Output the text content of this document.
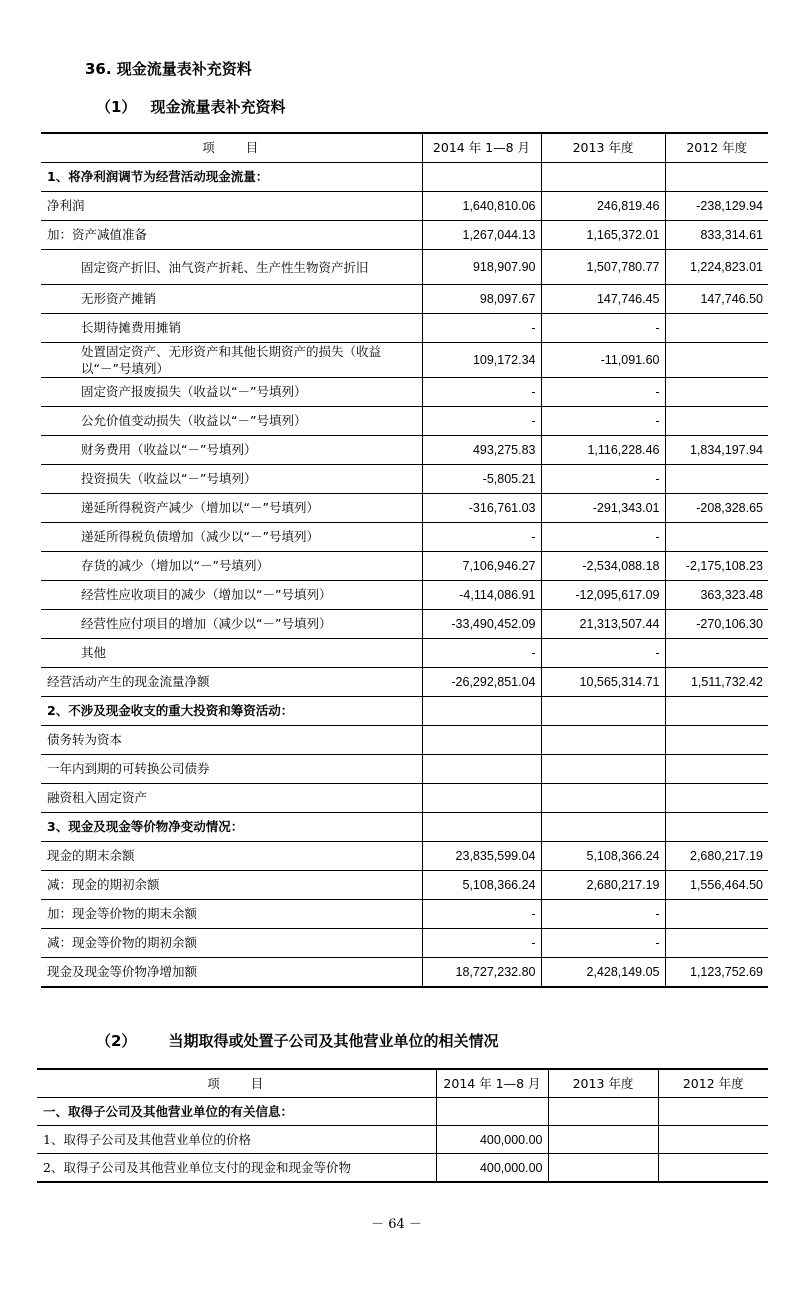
36. 现金流量表补充资料
（1） 现金流量表补充资料
项　　目	2014 年 1—8 月	2013 年度	2012 年度
1、将净利润调节为经营活动现金流量：			
净利润	1,640,810.06	246,819.46	-238,129.94
加：资产减值准备	1,267,044.13	1,165,372.01	833,314.61
固定资产折旧、油气资产折耗、生产性生物资产折旧	918,907.90	1,507,780.77	1,224,823.01
无形资产摊销	98,097.67	147,746.45	147,746.50
长期待摊费用摊销	-	-	
处置固定资产、无形资产和其他长期资产的损失（收益以“－”号填列）	109,172.34	-11,091.60	
固定资产报废损失（收益以“－”号填列）	-	-	
公允价值变动损失（收益以“－”号填列）	-	-	
财务费用（收益以“－”号填列）	493,275.83	1,116,228.46	1,834,197.94
投资损失（收益以“－”号填列）	-5,805.21	-	
递延所得税资产减少（增加以“－”号填列）	-316,761.03	-291,343.01	-208,328.65
递延所得税负债增加（减少以“－”号填列）	-	-	
存货的减少（增加以“－”号填列）	7,106,946.27	-2,534,088.18	-2,175,108.23
经营性应收项目的减少（增加以“－”号填列）	-4,114,086.91	-12,095,617.09	363,323.48
经营性应付项目的增加（减少以“－”号填列）	-33,490,452.09	21,313,507.44	-270,106.30
其他	-	-	
经营活动产生的现金流量净额	-26,292,851.04	10,565,314.71	1,511,732.42
2、不涉及现金收支的重大投资和筹资活动：			
债务转为资本			
一年内到期的可转换公司债券			
融资租入固定资产			
3、现金及现金等价物净变动情况：			
现金的期末余额	23,835,599.04	5,108,366.24	2,680,217.19
减：现金的期初余额	5,108,366.24	2,680,217.19	1,556,464.50
加：现金等价物的期末余额	-	-	
减：现金等价物的期初余额	-	-	
现金及现金等价物净增加额	18,727,232.80	2,428,149.05	1,123,752.69
（2） 当期取得或处置子公司及其他营业单位的相关情况
项　　目	2014 年 1—8 月	2013 年度	2012 年度
一、取得子公司及其他营业单位的有关信息：			
1、取得子公司及其他营业单位的价格	400,000.00		
2、取得子公司及其他营业单位支付的现金和现金等价物	400,000.00		
－ 64 －
